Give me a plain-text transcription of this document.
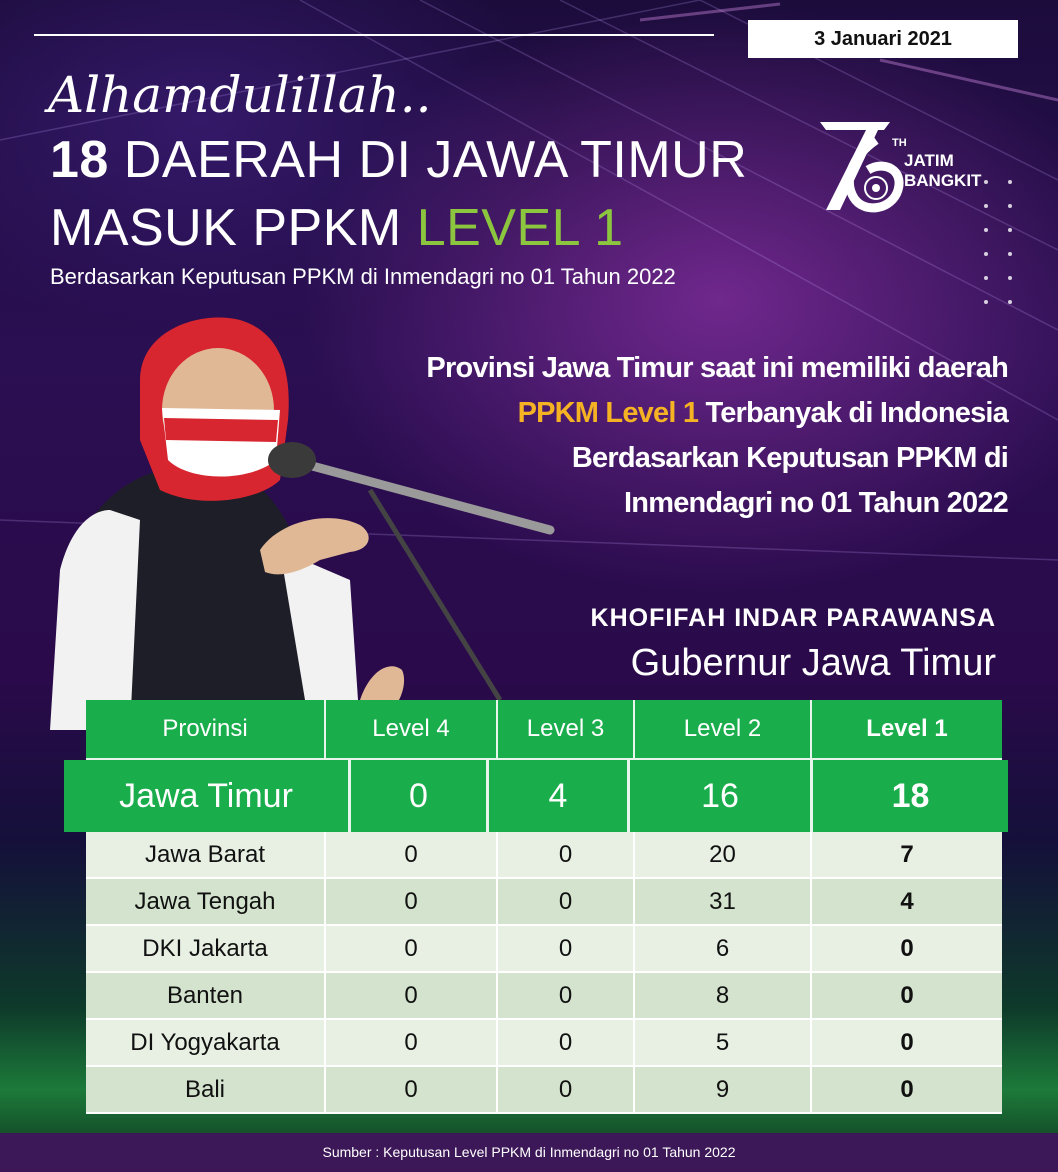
3 Januari 2021
Alhamdulillah..
18 DAERAH DI JAWA TIMUR
MASUK PPKM LEVEL 1
Berdasarkan Keputusan PPKM di Inmendagri no 01 Tahun 2022
TH
JATIM
BANGKIT
Provinsi Jawa Timur saat ini memiliki daerah
PPKM Level 1 Terbanyak di Indonesia
Berdasarkan Keputusan PPKM di
Inmendagri no 01 Tahun 2022
KHOFIFAH INDAR PARAWANSA
Gubernur Jawa Timur
Provinsi	Level 4	Level 3	Level 2	Level 1
Jawa Timur	0	4	16	18
Jawa Barat	0	0	20	7
Jawa Tengah	0	0	31	4
DKI Jakarta	0	0	6	0
Banten	0	0	8	0
DI Yogyakarta	0	0	5	0
Bali	0	0	9	0
Sumber : Keputusan Level PPKM di Inmendagri no 01 Tahun 2022
